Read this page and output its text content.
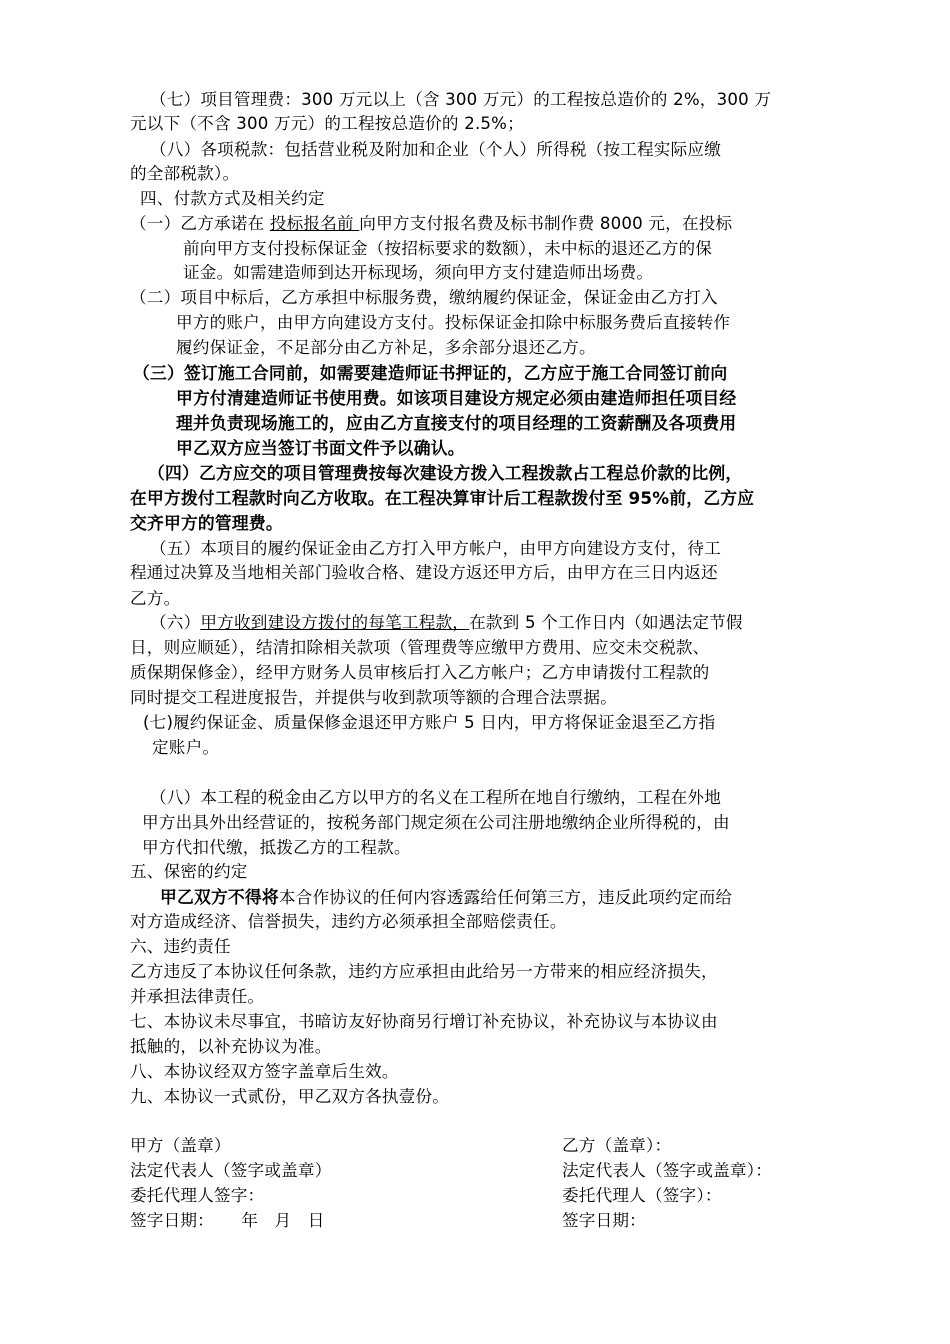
（七）项目管理费：300 万元以上（含 300 万元）的工程按总造价的 2%，300 万
元以下（不含 300 万元）的工程按总造价的 2.5%；
（八）各项税款：包括营业税及附加和企业（个人）所得税（按工程实际应缴
的全部税款）。
四、付款方式及相关约定
（一）乙方承诺在 投标报名前 向甲方支付报名费及标书制作费 8000 元，在投标
前向甲方支付投标保证金（按招标要求的数额），未中标的退还乙方的保
证金。如需建造师到达开标现场，须向甲方支付建造师出场费。
（二）项目中标后，乙方承担中标服务费，缴纳履约保证金，保证金由乙方打入
甲方的账户，由甲方向建设方支付。投标保证金扣除中标服务费后直接转作
履约保证金，不足部分由乙方补足，多余部分退还乙方。
（三）签订施工合同前，如需要建造师证书押证的，乙方应于施工合同签订前向
甲方付清建造师证书使用费。如该项目建设方规定必须由建造师担任项目经
理并负责现场施工的，应由乙方直接支付的项目经理的工资薪酬及各项费用
甲乙双方应当签订书面文件予以确认。
（四）乙方应交的项目管理费按每次建设方拨入工程拨款占工程总价款的比例，
在甲方拨付工程款时向乙方收取。在工程决算审计后工程款拨付至 95%前，乙方应
交齐甲方的管理费。
（五）本项目的履约保证金由乙方打入甲方帐户，由甲方向建设方支付，待工
程通过决算及当地相关部门验收合格、建设方返还甲方后，由甲方在三日内返还
乙方。
（六）甲方收到建设方拨付的每笔工程款，在款到 5 个工作日内（如遇法定节假
日，则应顺延），结清扣除相关款项（管理费等应缴甲方费用、应交未交税款、
质保期保修金），经甲方财务人员审核后打入乙方帐户；乙方申请拨付工程款的
同时提交工程进度报告，并提供与收到款项等额的合理合法票据。
(七)履约保证金、质量保修金退还甲方账户 5 日内，甲方将保证金退至乙方指
定账户。
（八）本工程的税金由乙方以甲方的名义在工程所在地自行缴纳，工程在外地
甲方出具外出经营证的，按税务部门规定须在公司注册地缴纳企业所得税的，由
甲方代扣代缴，抵拨乙方的工程款。
五、保密的约定
甲乙双方不得将本合作协议的任何内容透露给任何第三方，违反此项约定而给
对方造成经济、信誉损失，违约方必须承担全部赔偿责任。
六、违约责任
乙方违反了本协议任何条款，违约方应承担由此给另一方带来的相应经济损失，
并承担法律责任。
七、本协议未尽事宜，书暗访友好协商另行增订补充协议，补充协议与本协议由
抵触的，以补充协议为准。
八、本协议经双方签字盖章后生效。
九、本协议一式贰份，甲乙双方各执壹份。
甲方（盖章）
法定代表人（签字或盖章）
委托代理人签字：
签字日期：     年   月   日
乙方（盖章）：
法定代表人（签字或盖章）：
委托代理人（签字）：
签字日期：
